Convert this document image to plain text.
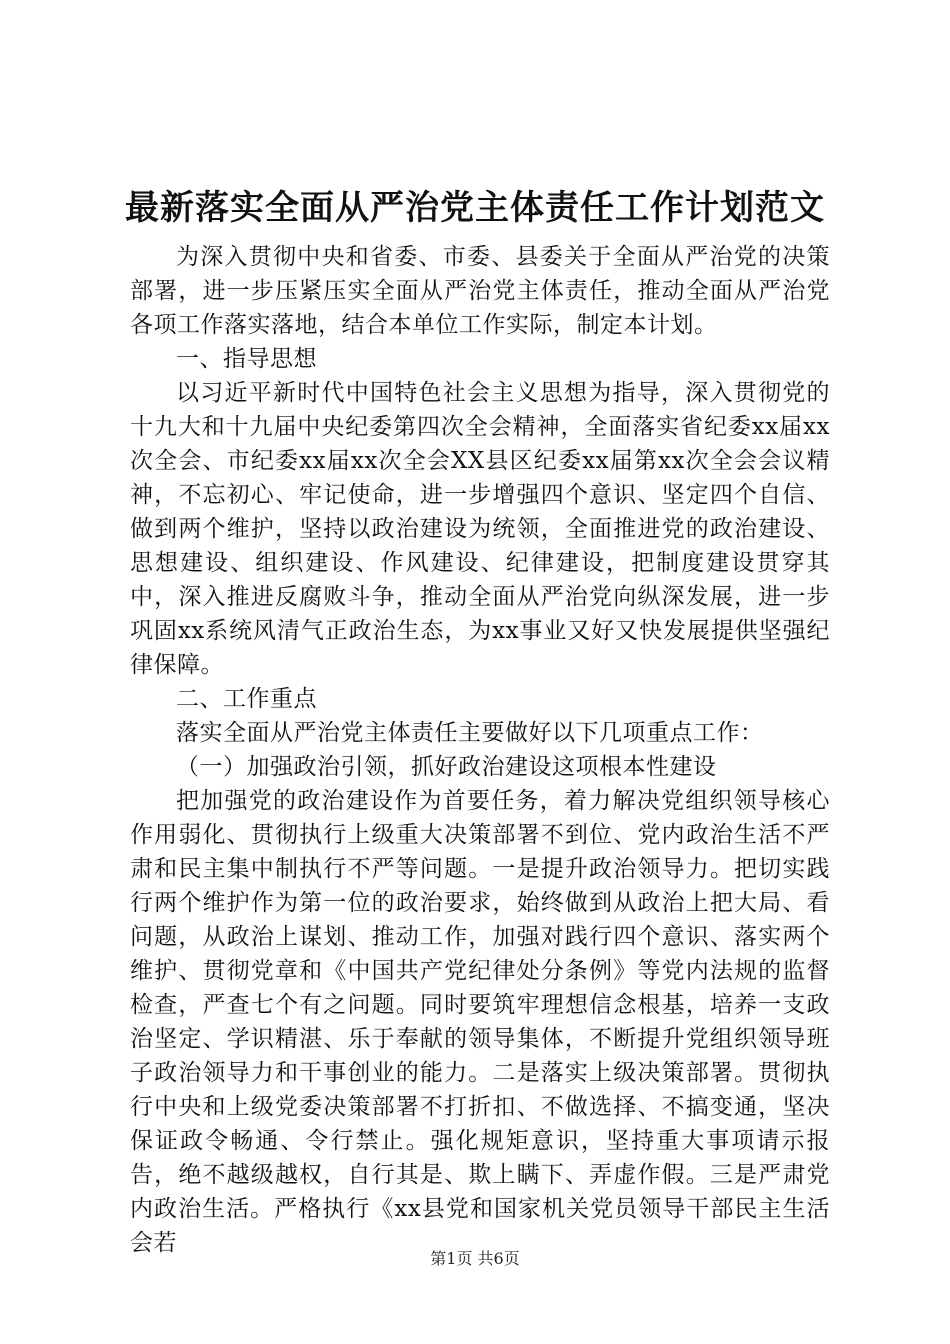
最新落实全面从严治党主体责任工作计划范文

为深入贯彻中央和省委、市委、县委关于全面从严治党的决策部署，进一步压紧压实全面从严治党主体责任，推动全面从严治党各项工作落实落地，结合本单位工作实际，制定本计划。

一、指导思想

以习近平新时代中国特色社会主义思想为指导，深入贯彻党的十九大和十九届中央纪委第四次全会精神，全面落实省纪委xx届xx次全会、市纪委xx届xx次全会XX县区纪委xx届第xx次全会会议精神，不忘初心、牢记使命，进一步增强四个意识、坚定四个自信、做到两个维护，坚持以政治建设为统领，全面推进党的政治建设、思想建设、组织建设、作风建设、纪律建设，把制度建设贯穿其中，深入推进反腐败斗争，推动全面从严治党向纵深发展，进一步巩固xx系统风清气正政治生态，为xx事业又好又快发展提供坚强纪律保障。

二、工作重点

落实全面从严治党主体责任主要做好以下几项重点工作：

（一）加强政治引领，抓好政治建设这项根本性建设

把加强党的政治建设作为首要任务，着力解决党组织领导核心作用弱化、贯彻执行上级重大决策部署不到位、党内政治生活不严肃和民主集中制执行不严等问题。一是提升政治领导力。把切实践行两个维护作为第一位的政治要求，始终做到从政治上把大局、看问题，从政治上谋划、推动工作，加强对践行四个意识、落实两个维护、贯彻党章和《中国共产党纪律处分条例》等党内法规的监督检查，严查七个有之问题。同时要筑牢理想信念根基，培养一支政治坚定、学识精湛、乐于奉献的领导集体，不断提升党组织领导班子政治领导力和干事创业的能力。二是落实上级决策部署。贯彻执行中央和上级党委决策部署不打折扣、不做选择、不搞变通，坚决保证政令畅通、令行禁止。强化规矩意识，坚持重大事项请示报告，绝不越级越权，自行其是、欺上瞒下、弄虚作假。三是严肃党内政治生活。严格执行《xx县党和国家机关党员领导干部民主生活会若

第1页 共6页
